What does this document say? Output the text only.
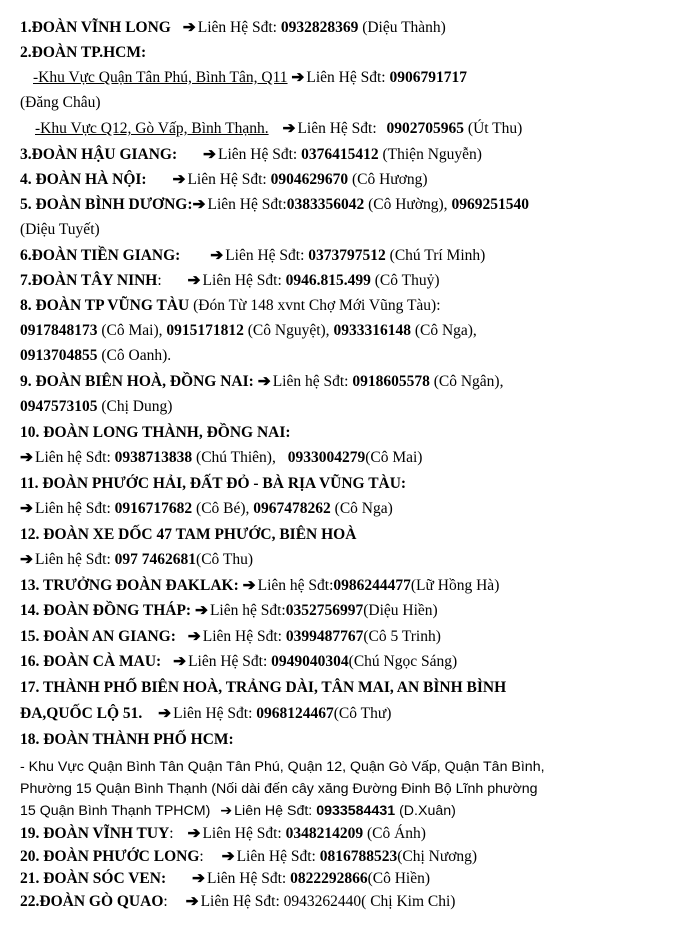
1.ĐOÀN VĨNH LONG ➔ Liên Hệ Sđt: 0932828369 (Diệu Thành)
2.ĐOÀN TP.HCM:
-Khu Vực Quận Tân Phú, Bình Tân, Q11 ➔ Liên Hệ Sđt: 0906791717
(Đăng Châu)
-Khu Vực Q12, Gò Vấp, Bình Thạnh. ➔ Liên Hệ Sđt: 0902705965 (Út Thu)
3.ĐOÀN HẬU GIANG: ➔ Liên Hệ Sđt: 0376415412 (Thiện Nguyễn)
4. ĐOÀN HÀ NỘI: ➔ Liên Hệ Sđt: 0904629670 (Cô Hương)
5. ĐOÀN BÌNH DƯƠNG:➔ Liên Hệ Sđt:0383356042 (Cô Hường), 0969251540
(Diệu Tuyết)
6.ĐOÀN TIỀN GIANG: ➔ Liên Hệ Sđt: 0373797512 (Chú Trí Minh)
7.ĐOÀN TÂY NINH: ➔ Liên Hệ Sđt: 0946.815.499 (Cô Thuỷ)
8. ĐOÀN TP VŨNG TÀU (Đón Từ 148 xvnt Chợ Mới Vũng Tàu):
0917848173 (Cô Mai), 0915171812 (Cô Nguyệt), 0933316148 (Cô Nga),
0913704855 (Cô Oanh).
9. ĐOÀN BIÊN HOÀ, ĐỒNG NAI: ➔ Liên hệ Sđt: 0918605578 (Cô Ngân),
0947573105 (Chị Dung)
10. ĐOÀN LONG THÀNH, ĐỒNG NAI:
➔ Liên hệ Sđt: 0938713838 (Chú Thiên), 0933004279(Cô Mai)
11. ĐOÀN PHƯỚC HẢI, ĐẤT ĐỎ - BÀ RỊA VŨNG TÀU:
➔ Liên hệ Sđt: 0916717682 (Cô Bé), 0967478262 (Cô Nga)
12. ĐOÀN XE DỐC 47 TAM PHƯỚC, BIÊN HOÀ
➔ Liên hệ Sđt: 097 7462681(Cô Thu)
13. TRƯỞNG ĐOÀN ĐAKLAK: ➔ Liên hệ Sđt:0986244477(Lữ Hồng Hà)
14. ĐOÀN ĐỒNG THÁP: ➔ Liên hệ Sđt:0352756997(Diệu Hiền)
15. ĐOÀN AN GIANG: ➔ Liên Hệ Sđt: 0399487767(Cô 5 Trinh)
16. ĐOÀN CÀ MAU: ➔ Liên Hệ Sđt: 0949040304(Chú Ngọc Sáng)
17. THÀNH PHỐ BIÊN HOÀ, TRẢNG DÀI, TÂN MAI, AN BÌNH BÌNH
ĐA,QUỐC LỘ 51. ➔ Liên Hệ Sđt: 0968124467(Cô Thư)
18. ĐOÀN THÀNH PHỐ HCM:
- Khu Vực Quận Bình Tân Quận Tân Phú, Quận 12, Quận Gò Vấp, Quận Tân Bình,
Phường 15 Quận Bình Thạnh (Nối dài đến cây xăng Đường Đinh Bộ Lĩnh phường
15 Quận Bình Thạnh TPHCM) ➔ Liên Hệ Sđt: 0933584431 (D.Xuân)
19. ĐOÀN VĨNH TUY: ➔ Liên Hệ Sđt: 0348214209 (Cô Ánh)
20. ĐOÀN PHƯỚC LONG: ➔ Liên Hệ Sđt: 0816788523(Chị Nương)
21. ĐOÀN SÓC VEN: ➔ Liên Hệ Sđt: 0822292866(Cô Hiền)
22.ĐOÀN GÒ QUAO: ➔ Liên Hệ Sđt: 0943262440( Chị Kim Chi)
